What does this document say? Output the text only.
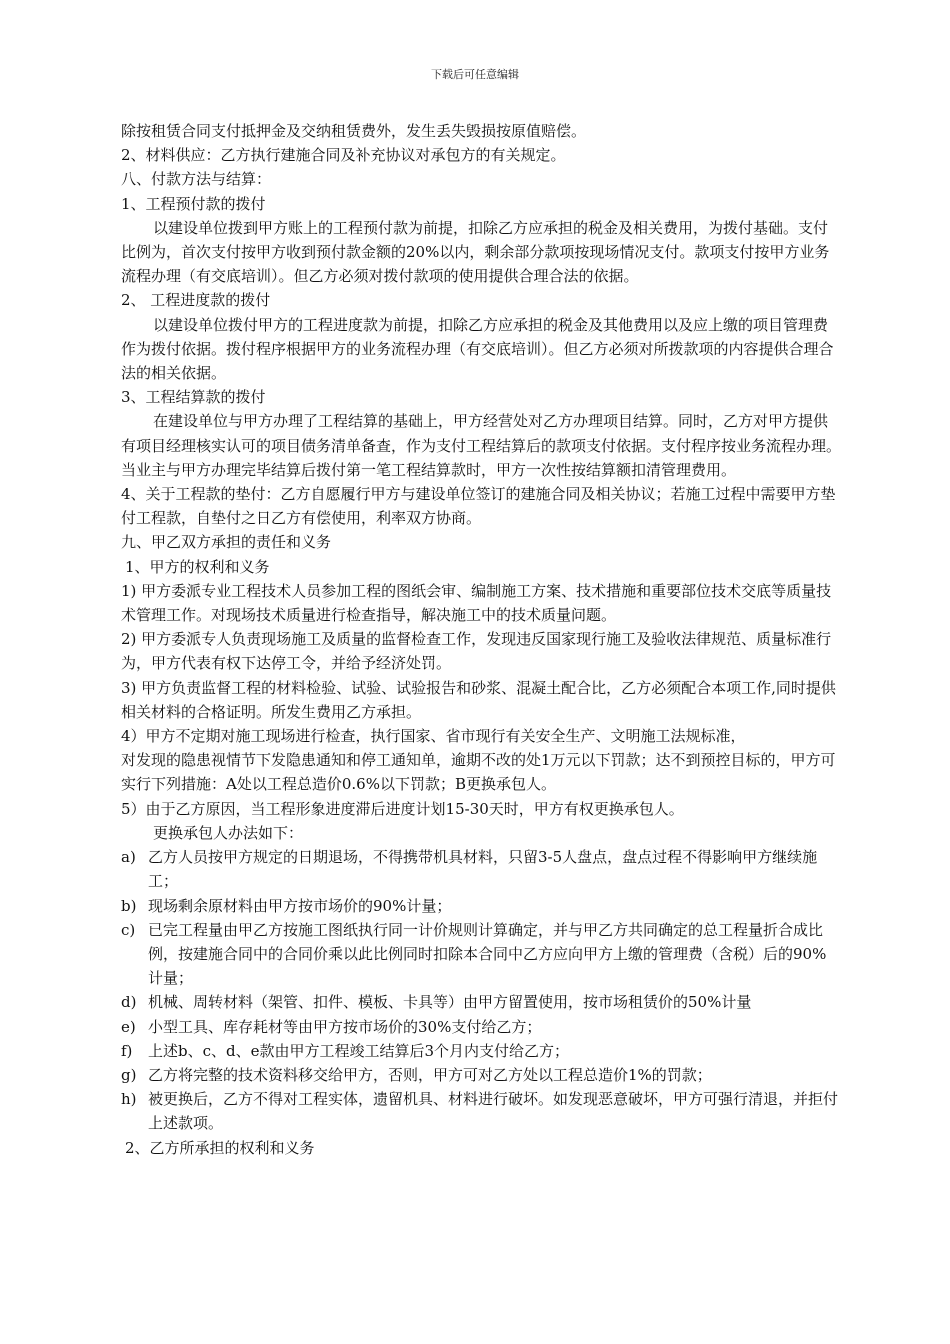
下载后可任意编辑

除按租赁合同支付抵押金及交纳租赁费外，发生丢失毁损按原值赔偿。

2、材料供应：乙方执行建施合同及补充协议对承包方的有关规定。

八、付款方法与结算：

1、工程预付款的拨付

以建设单位拨到甲方账上的工程预付款为前提，扣除乙方应承担的税金及相关费用，为拨付基础。支付比例为，首次支付按甲方收到预付款金额的20%以内，剩余部分款项按现场情况支付。款项支付按甲方业务流程办理（有交底培训）。但乙方必须对拨付款项的使用提供合理合法的依据。

2、 工程进度款的拨付

以建设单位拨付甲方的工程进度款为前提，扣除乙方应承担的税金及其他费用以及应上缴的项目管理费作为拨付依据。拨付程序根据甲方的业务流程办理（有交底培训）。但乙方必须对所拨款项的内容提供合理合法的相关依据。

3、工程结算款的拨付

在建设单位与甲方办理了工程结算的基础上，甲方经营处对乙方办理项目结算。同时，乙方对甲方提供有项目经理核实认可的项目债务清单备查，作为支付工程结算后的款项支付依据。支付程序按业务流程办理。当业主与甲方办理完毕结算后拨付第一笔工程结算款时，甲方一次性按结算额扣清管理费用。

4、关于工程款的垫付：乙方自愿履行甲方与建设单位签订的建施合同及相关协议；若施工过程中需要甲方垫付工程款，自垫付之日乙方有偿使用，利率双方协商。

九、甲乙双方承担的责任和义务

1、甲方的权利和义务

1) 甲方委派专业工程技术人员参加工程的图纸会审、编制施工方案、技术措施和重要部位技术交底等质量技术管理工作。对现场技术质量进行检查指导，解决施工中的技术质量问题。

2) 甲方委派专人负责现场施工及质量的监督检查工作，发现违反国家现行施工及验收法律规范、质量标准行为，甲方代表有权下达停工令，并给予经济处罚。

3) 甲方负责监督工程的材料检验、试验、试验报告和砂浆、混凝土配合比，乙方必须配合本项工作,同时提供相关材料的合格证明。所发生费用乙方承担。

4）甲方不定期对施工现场进行检查，执行国家、省市现行有关安全生产、文明施工法规标准，

对发现的隐患视情节下发隐患通知和停工通知单，逾期不改的处1万元以下罚款；达不到预控目标的，甲方可实行下列措施：A处以工程总造价0.6%以下罚款；B更换承包人。

5）由于乙方原因，当工程形象进度滞后进度计划15-30天时，甲方有权更换承包人。

更换承包人办法如下：

a) 乙方人员按甲方规定的日期退场，不得携带机具材料，只留3-5人盘点，盘点过程不得影响甲方继续施工；
b) 现场剩余原材料由甲方按市场价的90%计量；
c) 已完工程量由甲乙方按施工图纸执行同一计价规则计算确定，并与甲乙方共同确定的总工程量折合成比例，按建施合同中的合同价乘以此比例同时扣除本合同中乙方应向甲方上缴的管理费（含税）后的90%计量；
d) 机械、周转材料（架管、扣件、模板、卡具等）由甲方留置使用，按市场租赁价的50%计量
e) 小型工具、库存耗材等由甲方按市场价的30%支付给乙方；
f)	上述b、c、d、e款由甲方工程竣工结算后3个月内支付给乙方；
g) 乙方将完整的技术资料移交给甲方，否则，甲方可对乙方处以工程总造价1%的罚款；
h) 被更换后，乙方不得对工程实体，遗留机具、材料进行破坏。如发现恶意破坏，甲方可强行清退，并拒付上述款项。

2、乙方所承担的权利和义务
